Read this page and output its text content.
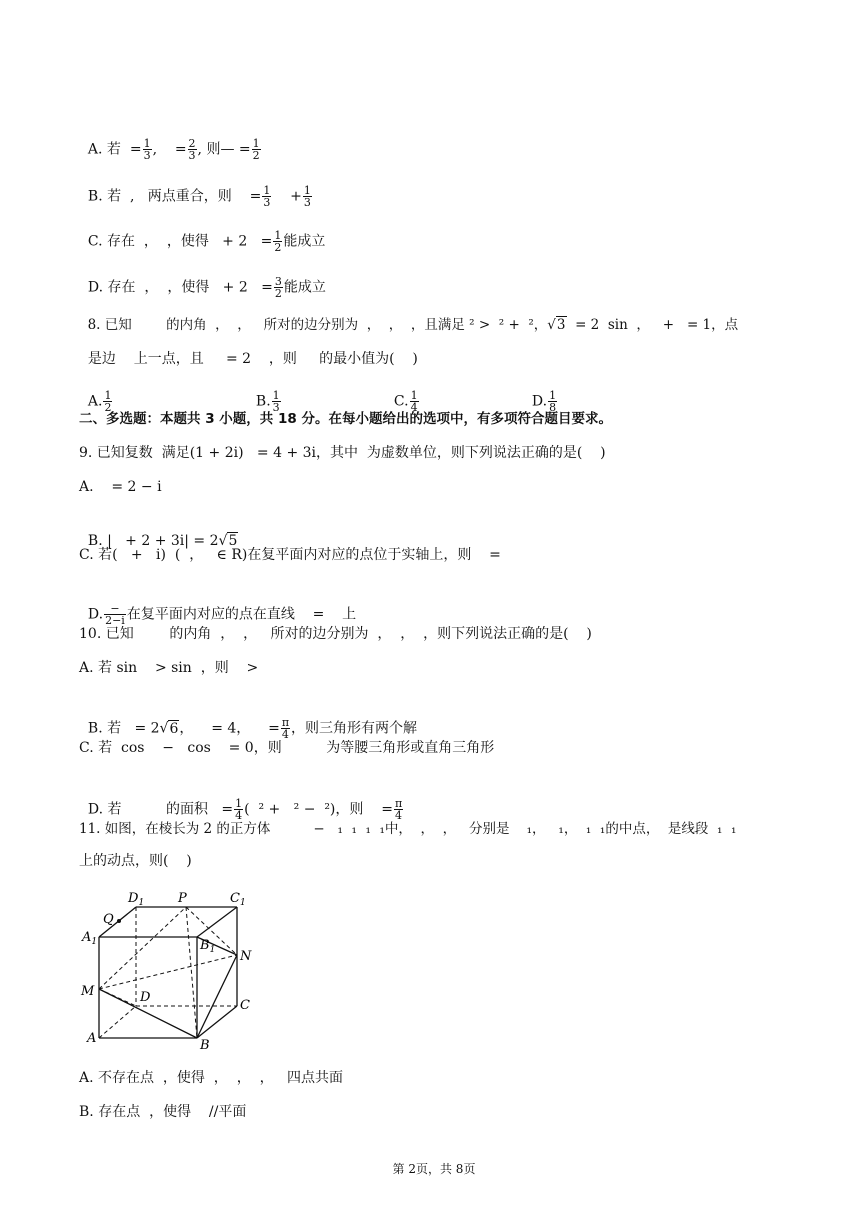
A. 若  = $\frac{1}{3}$ ,    = $\frac{2}{3}$ , 则— = $\frac{1}{2}$

B. 若  ,   两点重合，则    = $\frac{1}{3} + \frac{1}{3}$

C. 存在  ，  ，使得   + $2 = \frac{1}{2}$ 能成立

D. 存在  ，  ，使得   + $2 = \frac{3}{2}$ 能成立

8. 已知        的内角  ，  ，   所对的边分别为  ，  ，  ，且满足 ² >  ² +  ²，√3  = 2  sin  ，   +   = 1，点

是边    上一点，且     = 2    ，则     的最小值为(    )

A. $\frac{1}{2}$	B. $\frac{1}{3}$	C. $\frac{1}{4}$	D. $\frac{1}{8}$

二、多选题：本题共 3 小题，共 18 分。在每小题给出的选项中，有多项符合题目要求。
9. 已知复数  满足(1 + 2i)   = 4 + 3i，其中  为虚数单位，则下列说法正确的是(    )
A.    = 2 − i

B. |   + 2 + 3i| = 2√5

C. 若(   +   i)  (  ，   ∈ R)在复平面内对应的点位于实轴上，则    =

D. $\frac{-}{2-i}$ 在复平面内对应的点在直线    =    上

10. 已知        的内角  ，  ，   所对的边分别为  ，  ，  ，则下列说法正确的是(    )
A. 若 sin    > sin  ，则    >

B. 若   = 2√6，    = 4，    = $\frac{\pi}{4}$ ，则三角形有两个解

C. 若  cos    −   cos    = 0，则          为等腰三角形或直角三角形

D. 若          的面积   = $\frac{1}{4}$ (  ² +   ² −  ²)，则    = $\frac{\pi}{4}$

11. 如图，在棱长为 2 的正方体          −   ₁  ₁  ₁  ₁中，  ，  ，   分别是    ₁，   ₁，  ₁  ₁的中点，  是线段  ₁  ₁
上的动点，则(    )
$D_1$	P	$C_1$
Q
$A_1$	$B_1$ N
M	D
C
A	B
A. 不存在点  ，使得  ，  ，  ，   四点共面
B. 存在点  ，使得    //平面
第 2页，共 8页
